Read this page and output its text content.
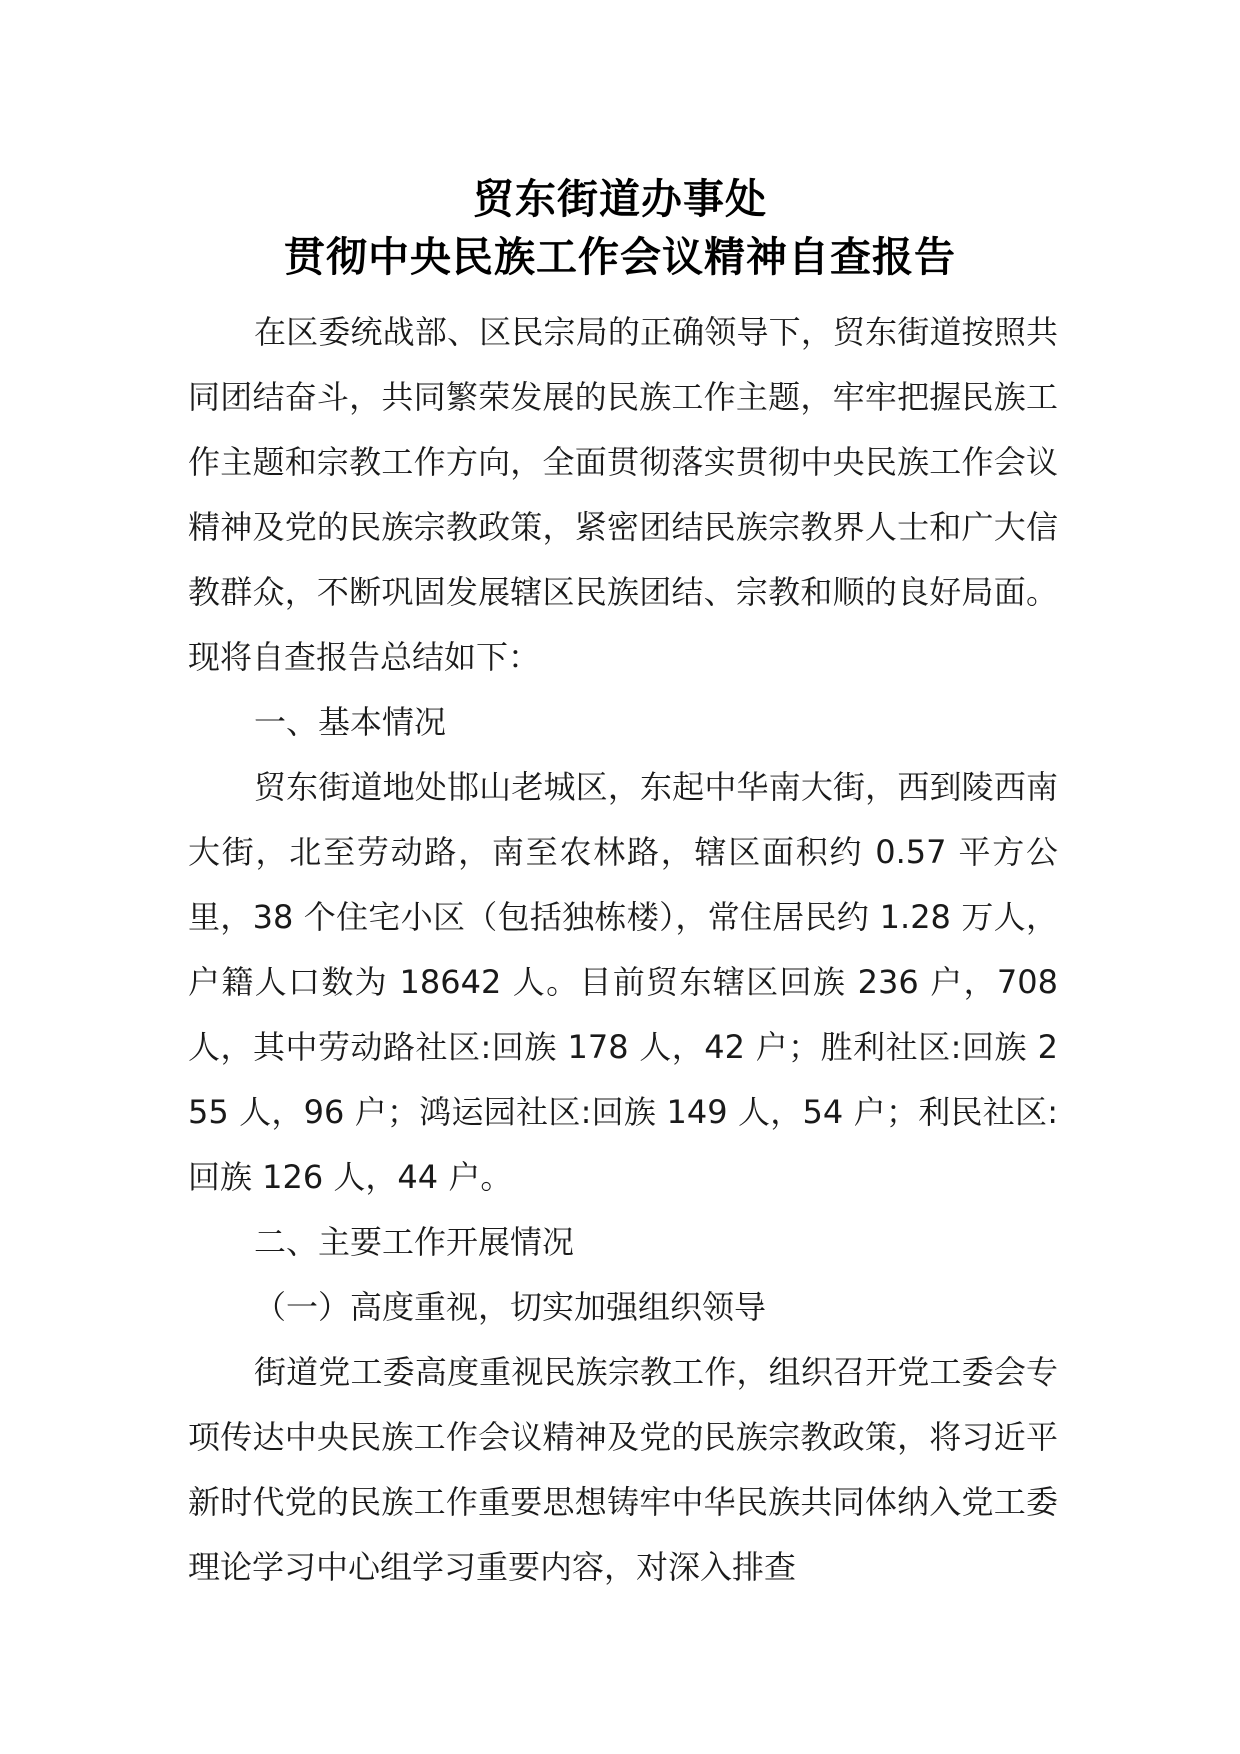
贸东街道办事处
贯彻中央民族工作会议精神自查报告

在区委统战部、区民宗局的正确领导下，贸东街道按照共同团结奋斗，共同繁荣发展的民族工作主题，牢牢把握民族工作主题和宗教工作方向，全面贯彻落实贯彻中央民族工作会议精神及党的民族宗教政策，紧密团结民族宗教界人士和广大信教群众，不断巩固发展辖区民族团结、宗教和顺的良好局面。现将自查报告总结如下：

一、基本情况

贸东街道地处邯山老城区，东起中华南大街，西到陵西南大街，北至劳动路，南至农林路，辖区面积约 0.57 平方公里，38 个住宅小区（包括独栋楼），常住居民约 1.28 万人，户籍人口数为 18642 人。目前贸东辖区回族 236 户，708 人，其中劳动路社区:回族 178 人，42 户；胜利社区:回族 255 人，96 户；鸿运园社区:回族 149 人，54 户；利民社区:回族 126 人，44 户。

二、主要工作开展情况

（一）高度重视，切实加强组织领导

街道党工委高度重视民族宗教工作，组织召开党工委会专项传达中央民族工作会议精神及党的民族宗教政策，将习近平新时代党的民族工作重要思想铸牢中华民族共同体纳入党工委理论学习中心组学习重要内容，对深入排查
